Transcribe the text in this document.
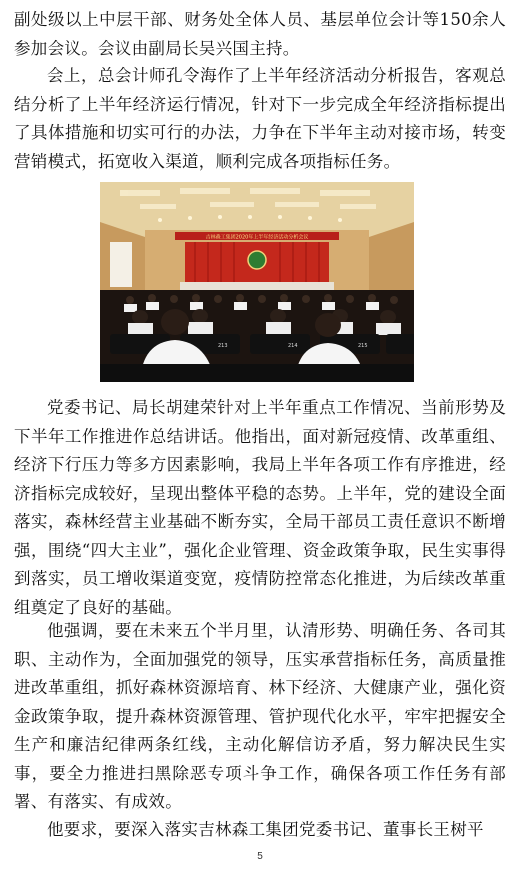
副处级以上中层干部、财务处全体人员、基层单位会计等150余人参加会议。会议由副局长吴兴国主持。

会上，总会计师孔令海作了上半年经济活动分析报告，客观总结分析了上半年经济运行情况，针对下一步完成全年经济指标提出了具体措施和切实可行的办法，力争在下半年主动对接市场，转变营销模式，拓宽收入渠道，顺利完成各项指标任务。

吉林森工集团2020年上半年经济活动分析会议
213	214	215

党委书记、局长胡建荣针对上半年重点工作情况、当前形势及下半年工作推进作总结讲话。他指出，面对新冠疫情、改革重组、经济下行压力等多方因素影响，我局上半年各项工作有序推进，经济指标完成较好，呈现出整体平稳的态势。上半年，党的建设全面落实，森林经营主业基础不断夯实，全局干部员工责任意识不断增强，围绕“四大主业”，强化企业管理、资金政策争取，民生实事得到落实，员工增收渠道变宽，疫情防控常态化推进，为后续改革重组奠定了良好的基础。

他强调，要在未来五个半月里，认清形势、明确任务、各司其职、主动作为，全面加强党的领导，压实承营指标任务，高质量推进改革重组，抓好森林资源培育、林下经济、大健康产业，强化资金政策争取，提升森林资源管理、管护现代化水平，牢牢把握安全生产和廉洁纪律两条红线，主动化解信访矛盾，努力解决民生实事，要全力推进扫黑除恶专项斗争工作，确保各项工作任务有部署、有落实、有成效。

他要求，要深入落实吉林森工集团党委书记、董事长王树平

5
